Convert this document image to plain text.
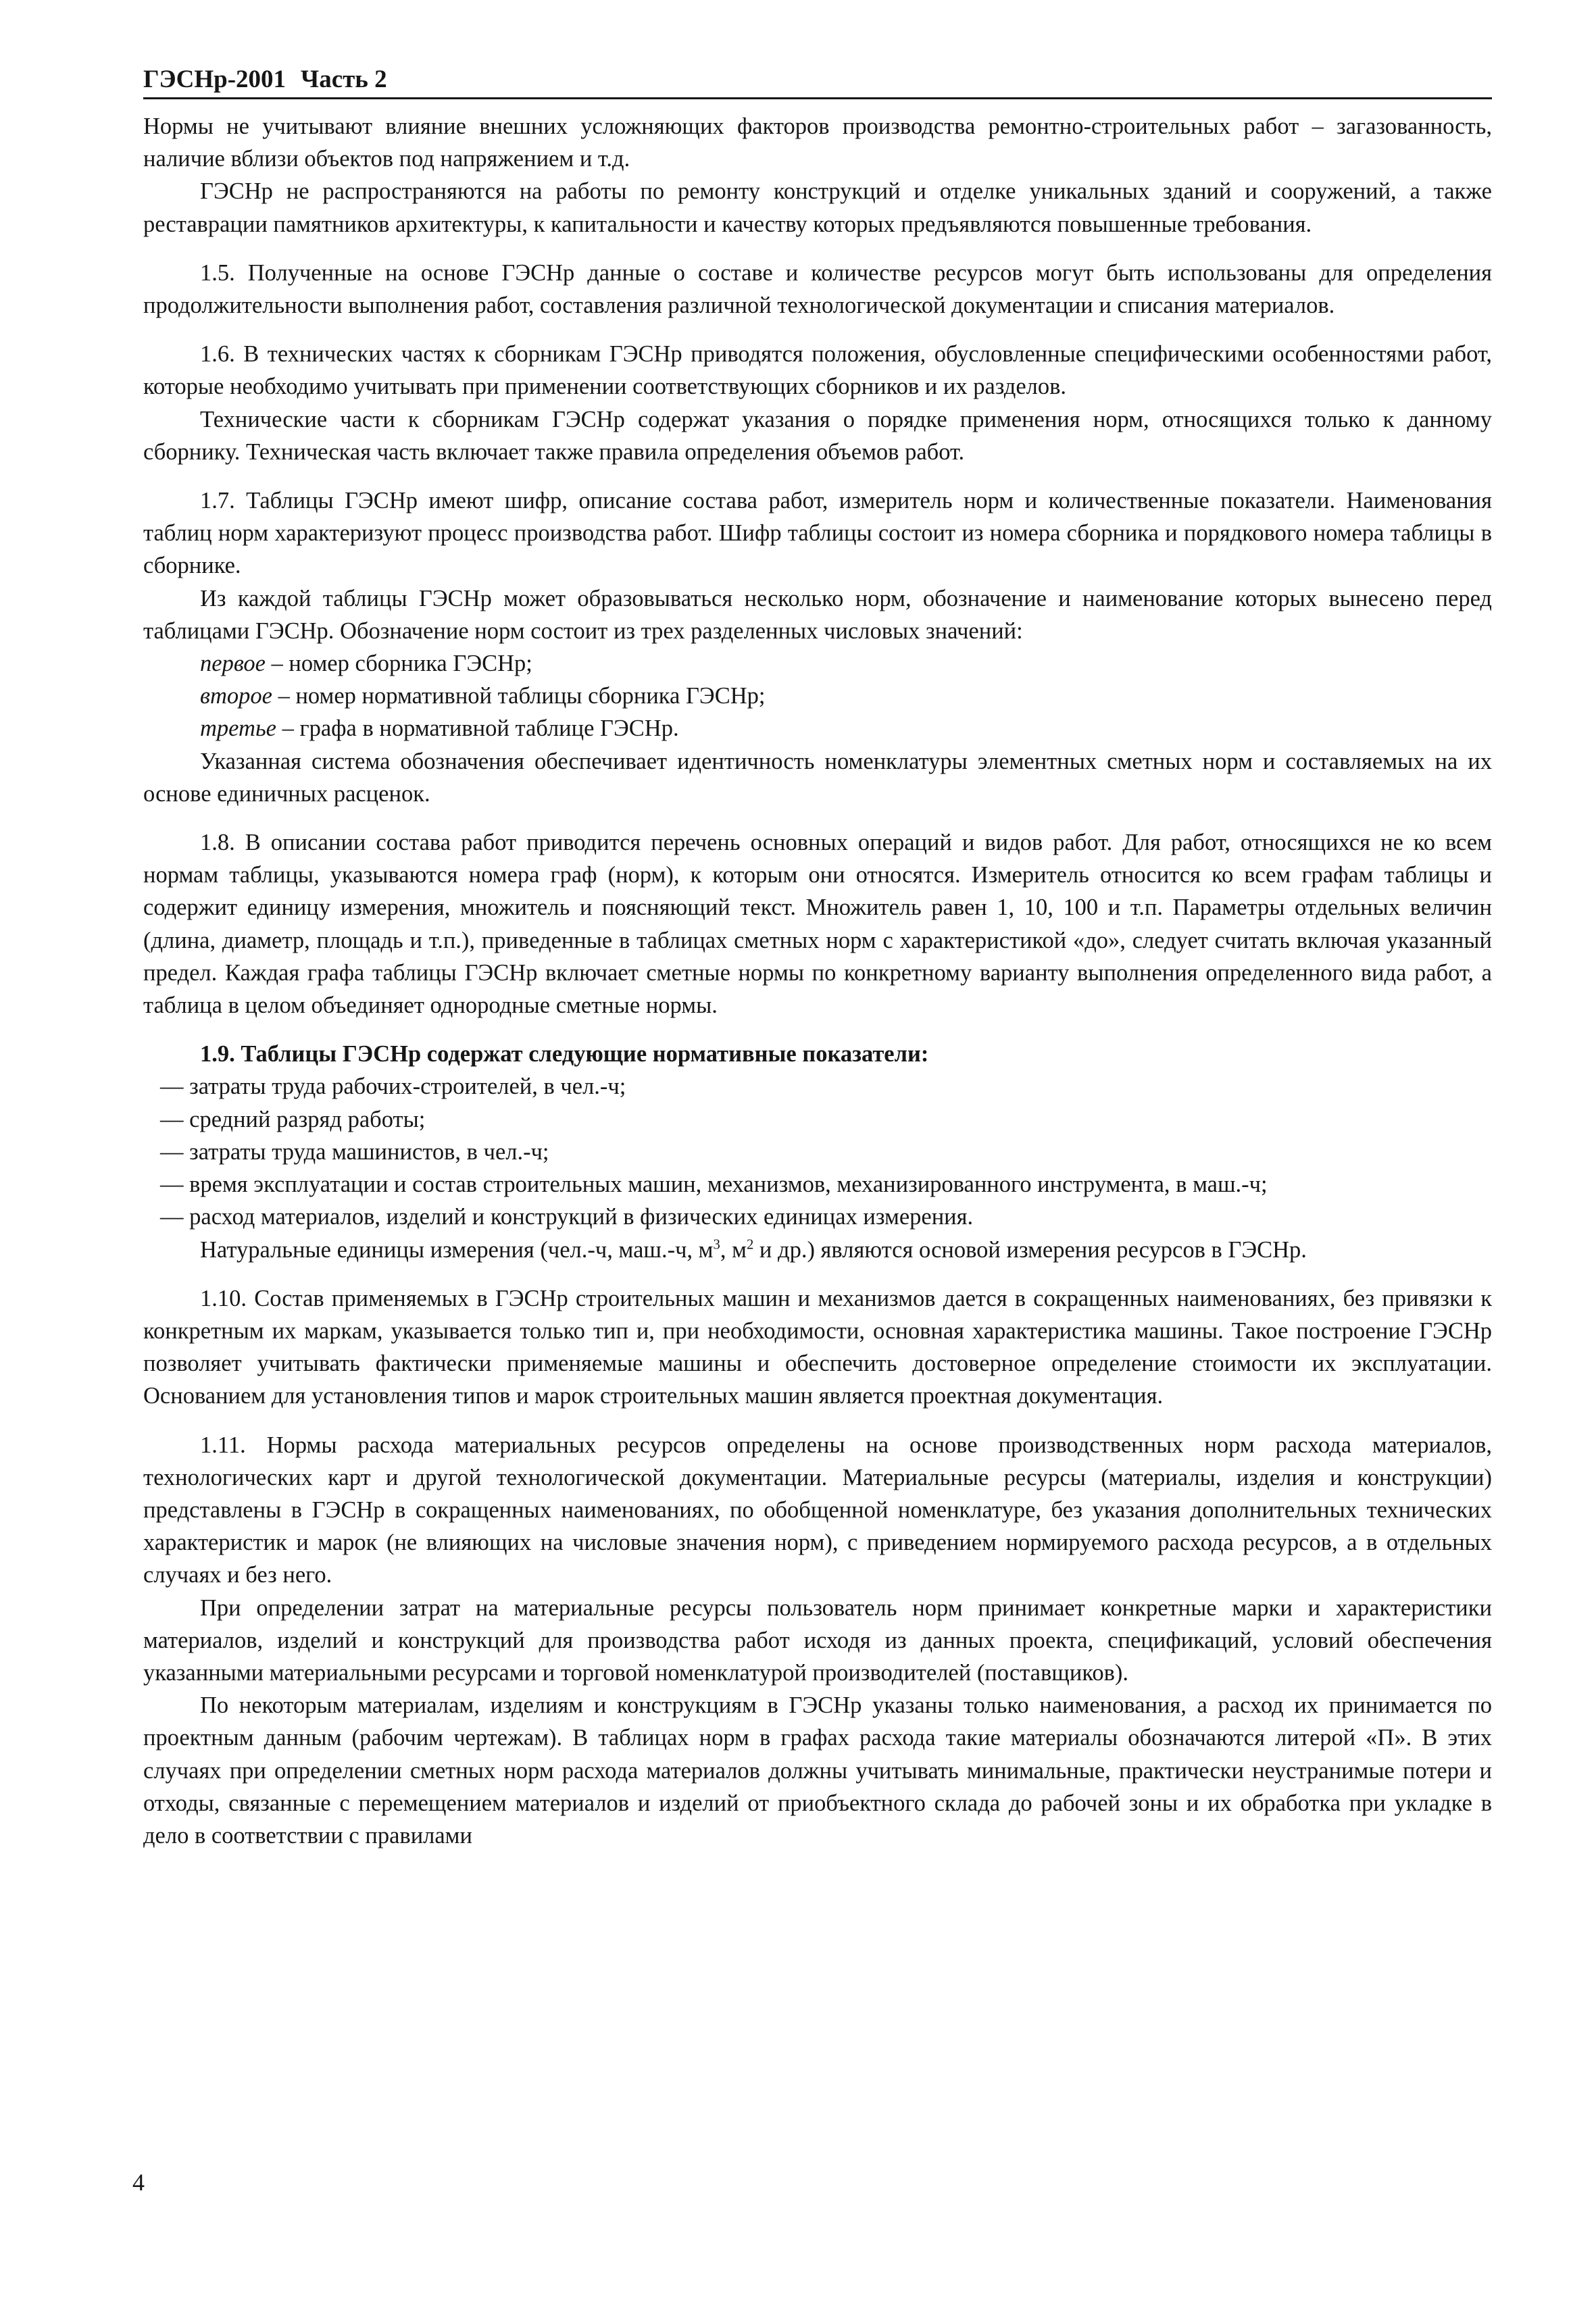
ГЭСНр-2001 Часть 2

Нормы не учитывают влияние внешних усложняющих факторов производства ремонтно-строительных работ – загазованность, наличие вблизи объектов под напряжением и т.д.

ГЭСНр не распространяются на работы по ремонту конструкций и отделке уникальных зданий и сооружений, а также реставрации памятников архитектуры, к капитальности и качеству которых предъявляются повышенные требования.

1.5. Полученные на основе ГЭСНр данные о составе и количестве ресурсов могут быть использованы для определения продолжительности выполнения работ, составления различной технологической документации и списания материалов.

1.6. В технических частях к сборникам ГЭСНр приводятся положения, обусловленные специфическими особенностями работ, которые необходимо учитывать при применении соответствующих сборников и их разделов.

Технические части к сборникам ГЭСНр содержат указания о порядке применения норм, относящихся только к данному сборнику. Техническая часть включает также правила определения объемов работ.

1.7. Таблицы ГЭСНр имеют шифр, описание состава работ, измеритель норм и количественные показатели. Наименования таблиц норм характеризуют процесс производства работ. Шифр таблицы состоит из номера сборника и порядкового номера таблицы в сборнике.

Из каждой таблицы ГЭСНр может образовываться несколько норм, обозначение и наименование которых вынесено перед таблицами ГЭСНр. Обозначение норм состоит из трех разделенных числовых значений:

первое – номер сборника ГЭСНр;

второе – номер нормативной таблицы сборника ГЭСНр;

третье – графа в нормативной таблице ГЭСНр.

Указанная система обозначения обеспечивает идентичность номенклатуры элементных сметных норм и составляемых на их основе единичных расценок.

1.8. В описании состава работ приводится перечень основных операций и видов работ. Для работ, относящихся не ко всем нормам таблицы, указываются номера граф (норм), к которым они относятся. Измеритель относится ко всем графам таблицы и содержит единицу измерения, множитель и поясняющий текст. Множитель равен 1, 10, 100 и т.п. Параметры отдельных величин (длина, диаметр, площадь и т.п.), приведенные в таблицах сметных норм с характеристикой «до», следует считать включая указанный предел. Каждая графа таблицы ГЭСНр включает сметные нормы по конкретному варианту выполнения определенного вида работ, а таблица в целом объединяет однородные сметные нормы.

1.9. Таблицы ГЭСНр содержат следующие нормативные показатели:

— затраты труда рабочих-строителей, в чел.-ч;

— средний разряд работы;

— затраты труда машинистов, в чел.-ч;

— время эксплуатации и состав строительных машин, механизмов, механизированного инструмента, в маш.-ч;

— расход материалов, изделий и конструкций в физических единицах измерения.

Натуральные единицы измерения (чел.-ч, маш.-ч, $м^3$, $м^2$ и др.) являются основой измерения ресурсов в ГЭСНр.

1.10. Состав применяемых в ГЭСНр строительных машин и механизмов дается в сокращенных наименованиях, без привязки к конкретным их маркам, указывается только тип и, при необходимости, основная характеристика машины. Такое построение ГЭСНр позволяет учитывать фактически применяемые машины и обеспечить достоверное определение стоимости их эксплуатации. Основанием для установления типов и марок строительных машин является проектная документация.

1.11. Нормы расхода материальных ресурсов определены на основе производственных норм расхода материалов, технологических карт и другой технологической документации. Материальные ресурсы (материалы, изделия и конструкции) представлены в ГЭСНр в сокращенных наименованиях, по обобщенной номенклатуре, без указания дополнительных технических характеристик и марок (не влияющих на числовые значения норм), с приведением нормируемого расхода ресурсов, а в отдельных случаях и без него.

При определении затрат на материальные ресурсы пользователь норм принимает конкретные марки и характеристики материалов, изделий и конструкций для производства работ исходя из данных проекта, спецификаций, условий обеспечения указанными материальными ресурсами и торговой номенклатурой производителей (поставщиков).

По некоторым материалам, изделиям и конструкциям в ГЭСНр указаны только наименования, а расход их принимается по проектным данным (рабочим чертежам). В таблицах норм в графах расхода такие материалы обозначаются литерой «П». В этих случаях при определении сметных норм расхода материалов должны учитывать минимальные, практически неустранимые потери и отходы, связанные с перемещением материалов и изделий от приобъектного склада до рабочей зоны и их обработка при укладке в дело в соответствии с правилами

4
